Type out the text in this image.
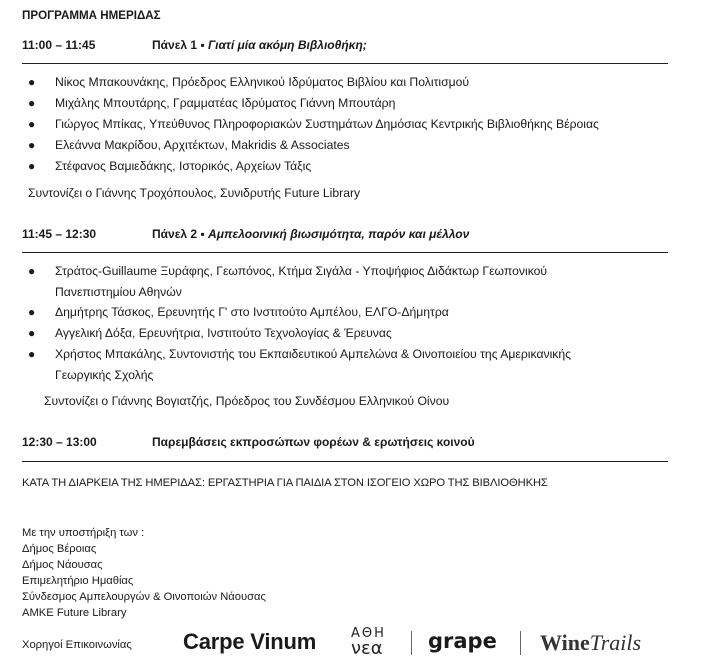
ΠΡΟΓΡΑΜΜΑ ΗΜΕΡΙΔΑΣ
11:00 – 11:45	Πάνελ 1 ▪ Γιατί μία ακόμη Βιβλιοθήκη;
● Νίκος Μπακουνάκης, Πρόεδρος Ελληνικού Ιδρύματος Βιβλίου και Πολιτισμού
● Μιχάλης Μπουτάρης, Γραμματέας Ιδρύματος Γιάννη Μπουτάρη
● Γιώργος Μπίκας, Υπεύθυνος Πληροφοριακών Συστημάτων Δημόσιας Κεντρικής Βιβλιοθήκης Βέροιας
● Ελεάννα Μακρίδου, Αρχιτέκτων, Makridis & Associates
● Στέφανος Βαμιεδάκης, Ιστορικός, Αρχείων Τάξις
Συντονίζει ο Γιάννης Τροχόπουλος, Συνιδρυτής Future Library
11:45 – 12:30	Πάνελ 2 ▪ Αμπελοοινική βιωσιμότητα, παρόν και μέλλον
● Στράτος-Guillaume Ξυράφης, Γεωπόνος, Κτήμα Σιγάλα - Υποψήφιος Διδάκτωρ Γεωπονικού
Πανεπιστημίου Αθηνών
● Δημήτρης Τάσκος, Ερευνητής Γ' στο Ινστιτούτο Αμπέλου, ΕΛΓΟ-Δήμητρα
● Αγγελική Δόξα, Ερευνήτρια, Ινστιτούτο Τεχνολογίας & Έρευνας
● Χρήστος Μπακάλης, Συντονιστής του Εκπαιδευτικού Αμπελώνα & Οινοποιείου της Αμερικανικής
Γεωργικής Σχολής
Συντονίζει ο Γιάννης Βογιατζής, Πρόεδρος του Συνδέσμου Ελληνικού Οίνου
12:30 – 13:00	Παρεμβάσεις εκπροσώπων φορέων & ερωτήσεις κοινού
ΚΑΤΑ ΤΗ ΔΙΑΡΚΕΙΑ ΤΗΣ ΗΜΕΡΙΔΑΣ: ΕΡΓΑΣΤΗΡΙΑ ΓΙΑ ΠΑΙΔΙΑ ΣΤΟΝ ΙΣΟΓΕΙΟ ΧΩΡΟ ΤΗΣ ΒΙΒΛΙΟΘΗΚΗΣ
Με την υποστήριξη των :
Δήμος Βέροιας
Δήμος Νάουσας
Επιμελητήριο Ημαθίας
Σύνδεσμος Αμπελουργών & Οινοποιών Νάουσας
ΑΜΚΕ Future Library
Χορηγοί Επικοινωνίας Carpe Vinum	ΑΘΗ
νεα grape WineTrails
